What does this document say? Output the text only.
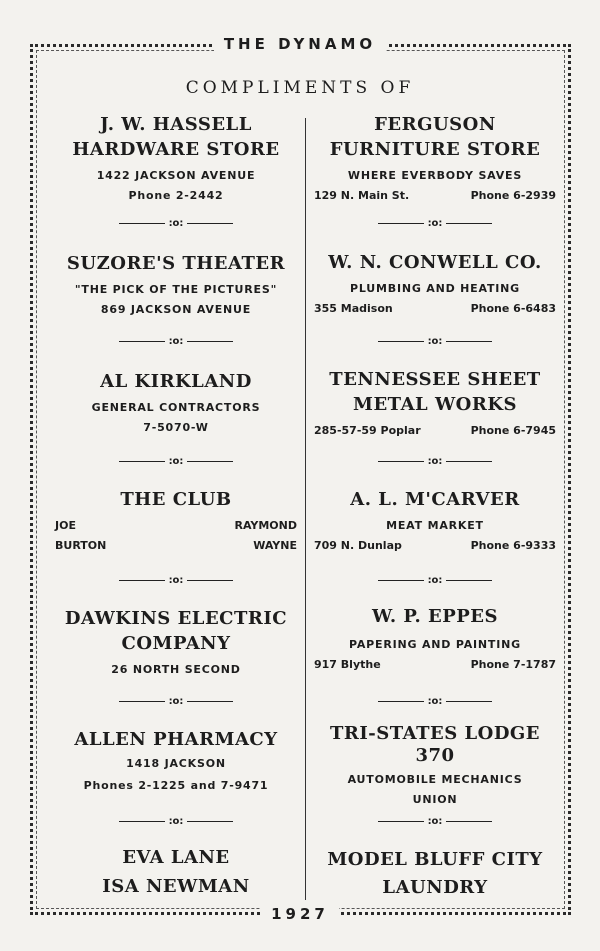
THE DYNAMO
COMPLIMENTS OF
J. W. HASSELL
HARDWARE STORE
1422 JACKSON AVENUE
Phone 2-2442
:o:
SUZORE'S THEATER
"THE PICK OF THE PICTURES"
869 JACKSON AVENUE
:o:
AL KIRKLAND
GENERAL CONTRACTORS
7-5070-W
:o:
THE CLUB
JOE	RAYMOND
BURTON	WAYNE
:o:
DAWKINS ELECTRIC
COMPANY
26 NORTH SECOND
:o:
ALLEN PHARMACY
1418 JACKSON
Phones 2-1225 and 7-9471
:o:
EVA LANE
ISA NEWMAN
FERGUSON
FURNITURE STORE
WHERE EVERBODY SAVES
129 N. Main St.	Phone 6-2939
:o:
W. N. CONWELL CO.
PLUMBING AND HEATING
355 Madison	Phone 6-6483
:o:
TENNESSEE SHEET
METAL WORKS
285-57-59 Poplar	Phone 6-7945
:o:
A. L. M'CARVER
MEAT MARKET
709 N. Dunlap	Phone 6-9333
:o:
W. P. EPPES
PAPERING AND PAINTING
917 Blythe	Phone 7-1787
:o:
TRI-STATES LODGE
370
AUTOMOBILE MECHANICS
UNION
:o:
MODEL BLUFF CITY
LAUNDRY
1927
